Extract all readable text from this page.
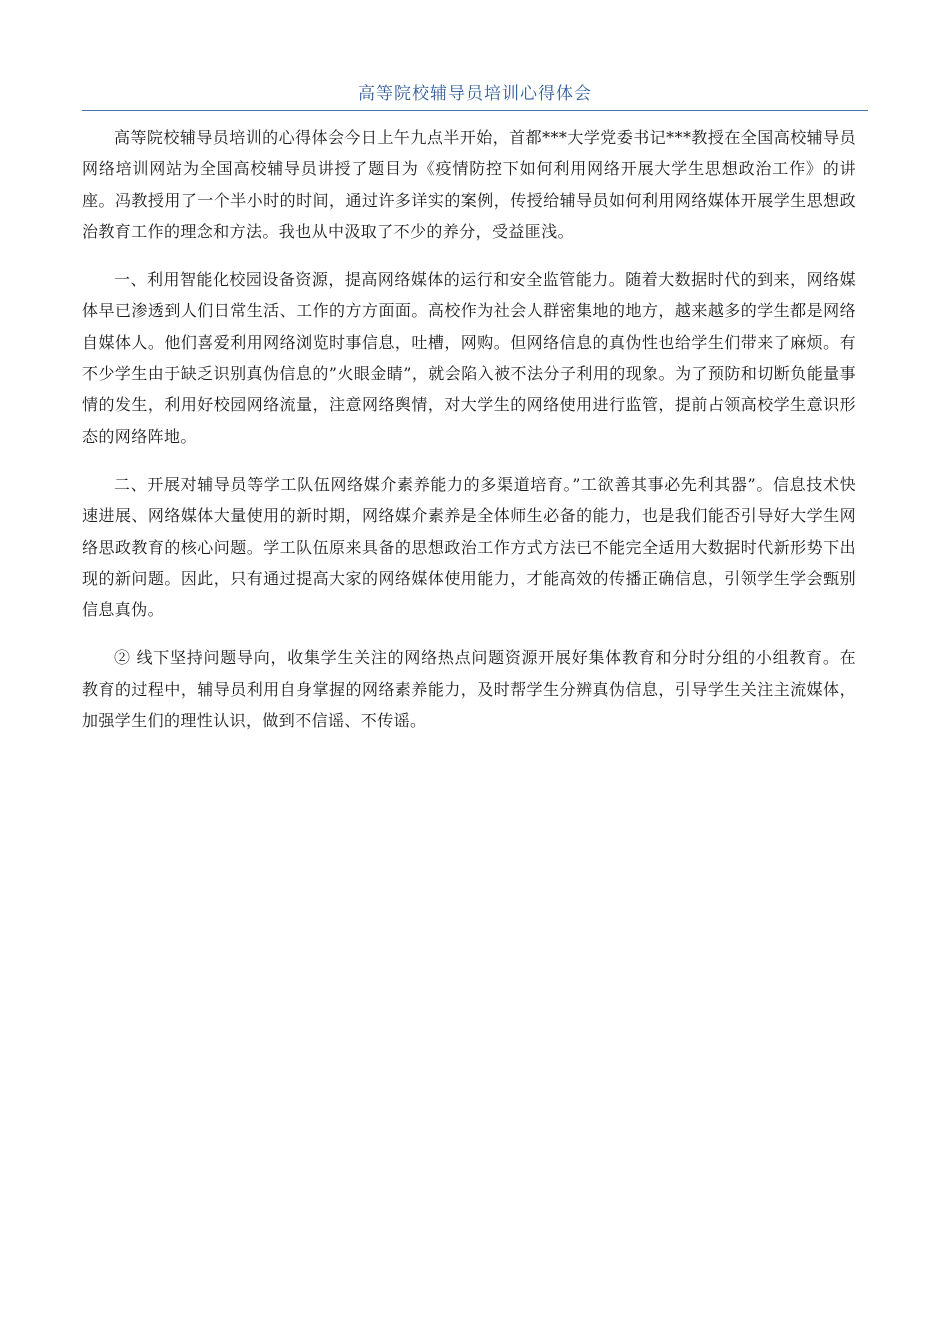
高等院校辅导员培训心得体会

高等院校辅导员培训的心得体会今日上午九点半开始，首都***大学党委书记***教授在全国高校辅导员网络培训网站为全国高校辅导员讲授了题目为《疫情防控下如何利用网络开展大学生思想政治工作》的讲座。冯教授用了一个半小时的时间，通过许多详实的案例，传授给辅导员如何利用网络媒体开展学生思想政治教育工作的理念和方法。我也从中汲取了不少的养分，受益匪浅。

一、利用智能化校园设备资源，提高网络媒体的运行和安全监管能力。随着大数据时代的到来，网络媒体早已渗透到人们日常生活、工作的方方面面。高校作为社会人群密集地的地方，越来越多的学生都是网络自媒体人。他们喜爱利用网络浏览时事信息，吐槽，网购。但网络信息的真伪性也给学生们带来了麻烦。有不少学生由于缺乏识别真伪信息的”火眼金睛”，就会陷入被不法分子利用的现象。为了预防和切断负能量事情的发生，利用好校园网络流量，注意网络舆情，对大学生的网络使用进行监管，提前占领高校学生意识形态的网络阵地。

二、开展对辅导员等学工队伍网络媒介素养能力的多渠道培育。”工欲善其事必先利其器”。信息技术快速进展、网络媒体大量使用的新时期，网络媒介素养是全体师生必备的能力，也是我们能否引导好大学生网络思政教育的核心问题。学工队伍原来具备的思想政治工作方式方法已不能完全适用大数据时代新形势下出现的新问题。因此，只有通过提高大家的网络媒体使用能力，才能高效的传播正确信息，引领学生学会甄别信息真伪。

② 线下坚持问题导向，收集学生关注的网络热点问题资源开展好集体教育和分时分组的小组教育。在教育的过程中，辅导员利用自身掌握的网络素养能力，及时帮学生分辨真伪信息，引导学生关注主流媒体，加强学生们的理性认识，做到不信谣、不传谣。
